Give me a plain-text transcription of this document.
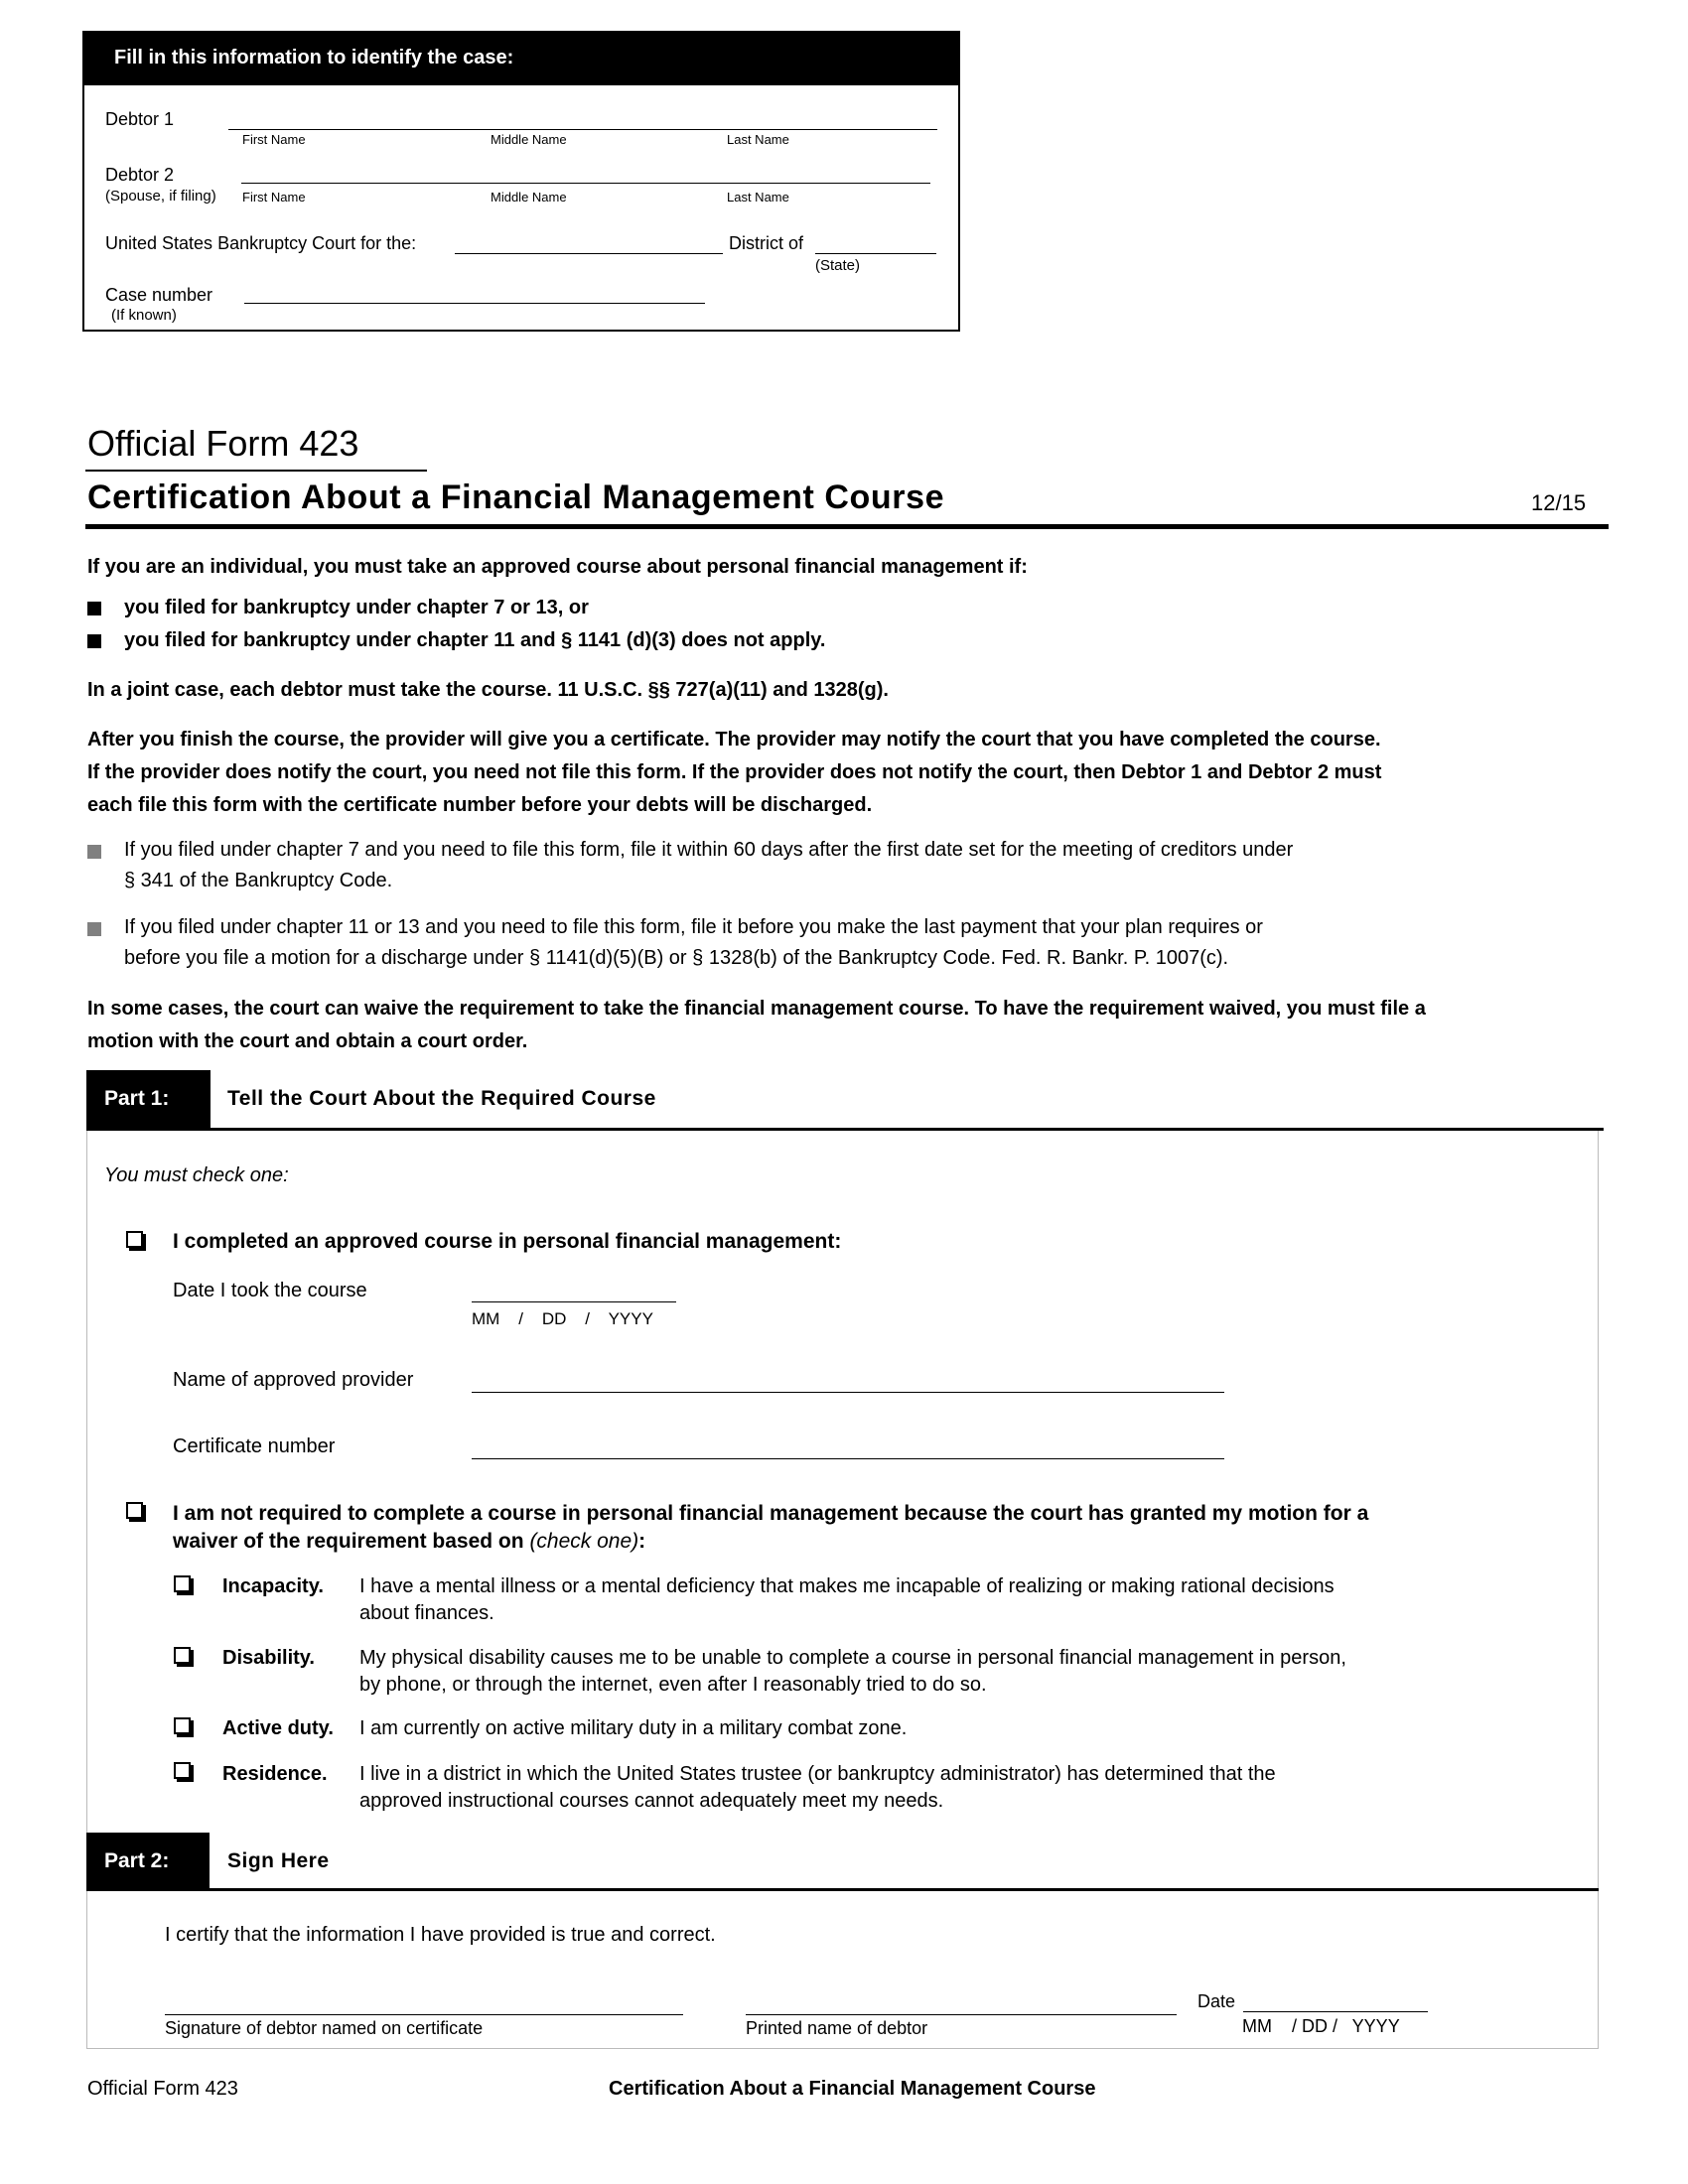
Fill in this information to identify the case:
Debtor 1
First Name	Middle Name	Last Name
Debtor 2
(Spouse, if filing) First Name	Middle Name	Last Name
United States Bankruptcy Court for the:	District of
(State)
Case number
(If known)
Official Form 423
Certification About a Financial Management Course	12/15
If you are an individual, you must take an approved course about personal financial management if:
you filed for bankruptcy under chapter 7 or 13, or
you filed for bankruptcy under chapter 11 and § 1141 (d)(3) does not apply.
In a joint case, each debtor must take the course. 11 U.S.C. §§ 727(a)(11) and 1328(g).
After you finish the course, the provider will give you a certificate. The provider may notify the court that you have completed the course.
If the provider does notify the court, you need not file this form. If the provider does not notify the court, then Debtor 1 and Debtor 2 must
each file this form with the certificate number before your debts will be discharged.
If you filed under chapter 7 and you need to file this form, file it within 60 days after the first date set for the meeting of creditors under
§ 341 of the Bankruptcy Code.
If you filed under chapter 11 or 13 and you need to file this form, file it before you make the last payment that your plan requires or
before you file a motion for a discharge under § 1141(d)(5)(B) or § 1328(b) of the Bankruptcy Code. Fed. R. Bankr. P. 1007(c).
In some cases, the court can waive the requirement to take the financial management course. To have the requirement waived, you must file a
motion with the court and obtain a court order.
Part 1:	Tell the Court About the Required Course
You must check one:
I completed an approved course in personal financial management:
Date I took the course
MM    /    DD    /    YYYY
Name of approved provider
Certificate number
I am not required to complete a course in personal financial management because the court has granted my motion for a
waiver of the requirement based on (check one):
Incapacity. I have a mental illness or a mental deficiency that makes me incapable of realizing or making rational decisions
about finances.
Disability. My physical disability causes me to be unable to complete a course in personal financial management in person,
by phone, or through the internet, even after I reasonably tried to do so.
Active duty. I am currently on active military duty in a military combat zone.
Residence. I live in a district in which the United States trustee (or bankruptcy administrator) has determined that the
approved instructional courses cannot adequately meet my needs.
Part 2:	Sign Here
I certify that the information I have provided is true and correct.
Signature of debtor named on certificate	Printed name of debtor
Date
MM    / DD /   YYYY
Official Form 423	Certification About a Financial Management Course
